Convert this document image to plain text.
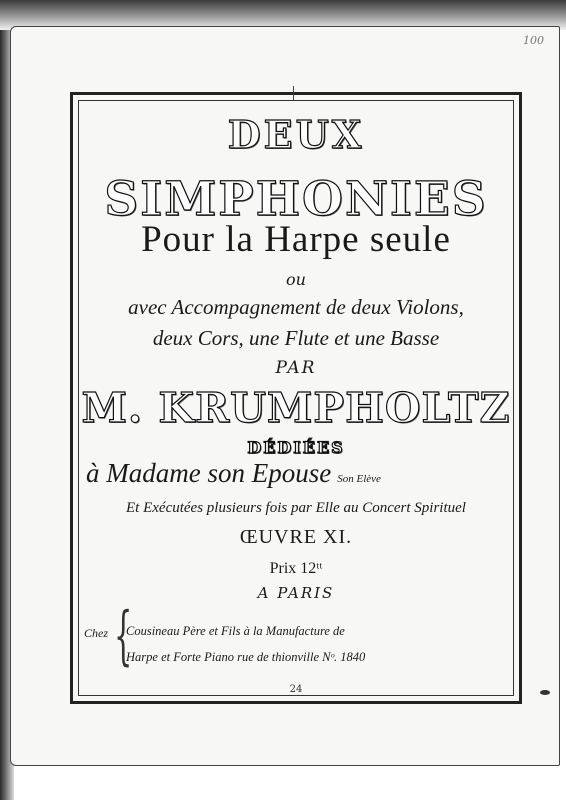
100
DEUX
SIMPHONIES
Pour la Harpe seule
ou
avec Accompagnement de deux Violons,
deux Cors, une Flute et une Basse
PAR
M. KRUMPHOLTZ
DÉDIÉES
à Madame son Epouse Son Elève
Et Exécutées plusieurs fois par Elle au Concert Spirituel
ŒUVRE XI.
Prix 12ᵗᵗ
A PARIS
Chez {
Cousineau Père et Fils à la Manufacture de
Harpe et Forte Piano rue de thionville Nᵒ. 1840
24
